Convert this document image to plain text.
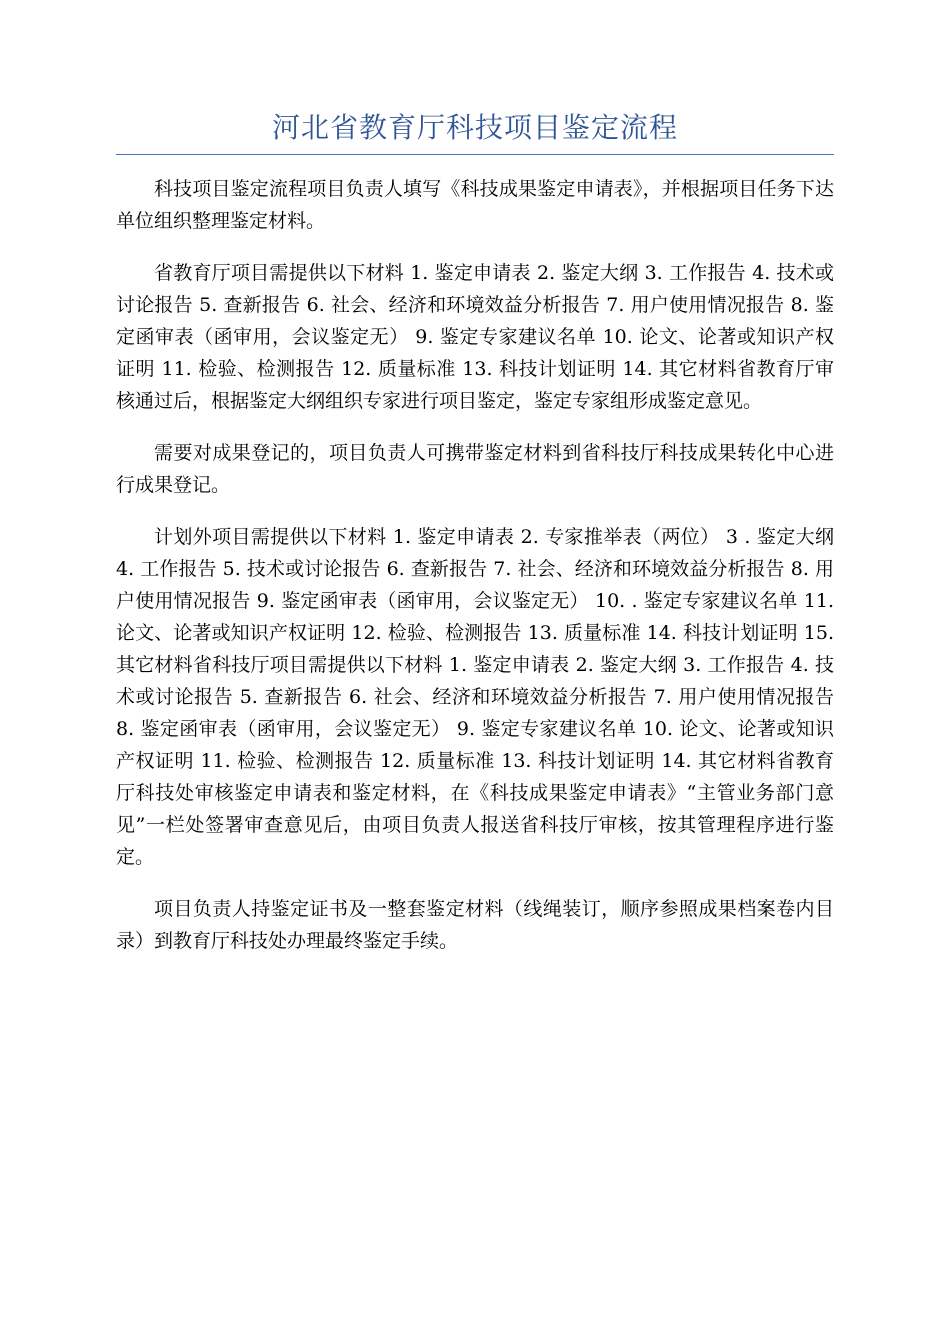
河北省教育厅科技项目鉴定流程

科技项目鉴定流程项目负责人填写《科技成果鉴定申请表》，并根据项目任务下达单位组织整理鉴定材料。

省教育厅项目需提供以下材料 1. 鉴定申请表 2. 鉴定大纲 3. 工作报告 4. 技术或讨论报告 5. 查新报告 6. 社会、经济和环境效益分析报告 7. 用户使用情况报告 8. 鉴定函审表（函审用，会议鉴定无） 9. 鉴定专家建议名单 10. 论文、论著或知识产权证明 11. 检验、检测报告 12. 质量标准 13. 科技计划证明 14. 其它材料省教育厅审核通过后，根据鉴定大纲组织专家进行项目鉴定，鉴定专家组形成鉴定意见。

需要对成果登记的，项目负责人可携带鉴定材料到省科技厅科技成果转化中心进行成果登记。

计划外项目需提供以下材料 1. 鉴定申请表 2. 专家推举表（两位） 3 . 鉴定大纲 4. 工作报告 5. 技术或讨论报告 6. 查新报告 7. 社会、经济和环境效益分析报告 8. 用户使用情况报告 9. 鉴定函审表（函审用，会议鉴定无） 10. . 鉴定专家建议名单 11. 论文、论著或知识产权证明 12. 检验、检测报告 13. 质量标准 14. 科技计划证明 15. 其它材料省科技厅项目需提供以下材料 1. 鉴定申请表 2. 鉴定大纲 3. 工作报告 4. 技术或讨论报告 5. 查新报告 6. 社会、经济和环境效益分析报告 7. 用户使用情况报告 8. 鉴定函审表（函审用，会议鉴定无） 9. 鉴定专家建议名单 10. 论文、论著或知识产权证明 11. 检验、检测报告 12. 质量标准 13. 科技计划证明 14. 其它材料省教育厅科技处审核鉴定申请表和鉴定材料，在《科技成果鉴定申请表》“主管业务部门意见”一栏处签署审查意见后，由项目负责人报送省科技厅审核，按其管理程序进行鉴定。

项目负责人持鉴定证书及一整套鉴定材料（线绳装订，顺序参照成果档案卷内目录）到教育厅科技处办理最终鉴定手续。
